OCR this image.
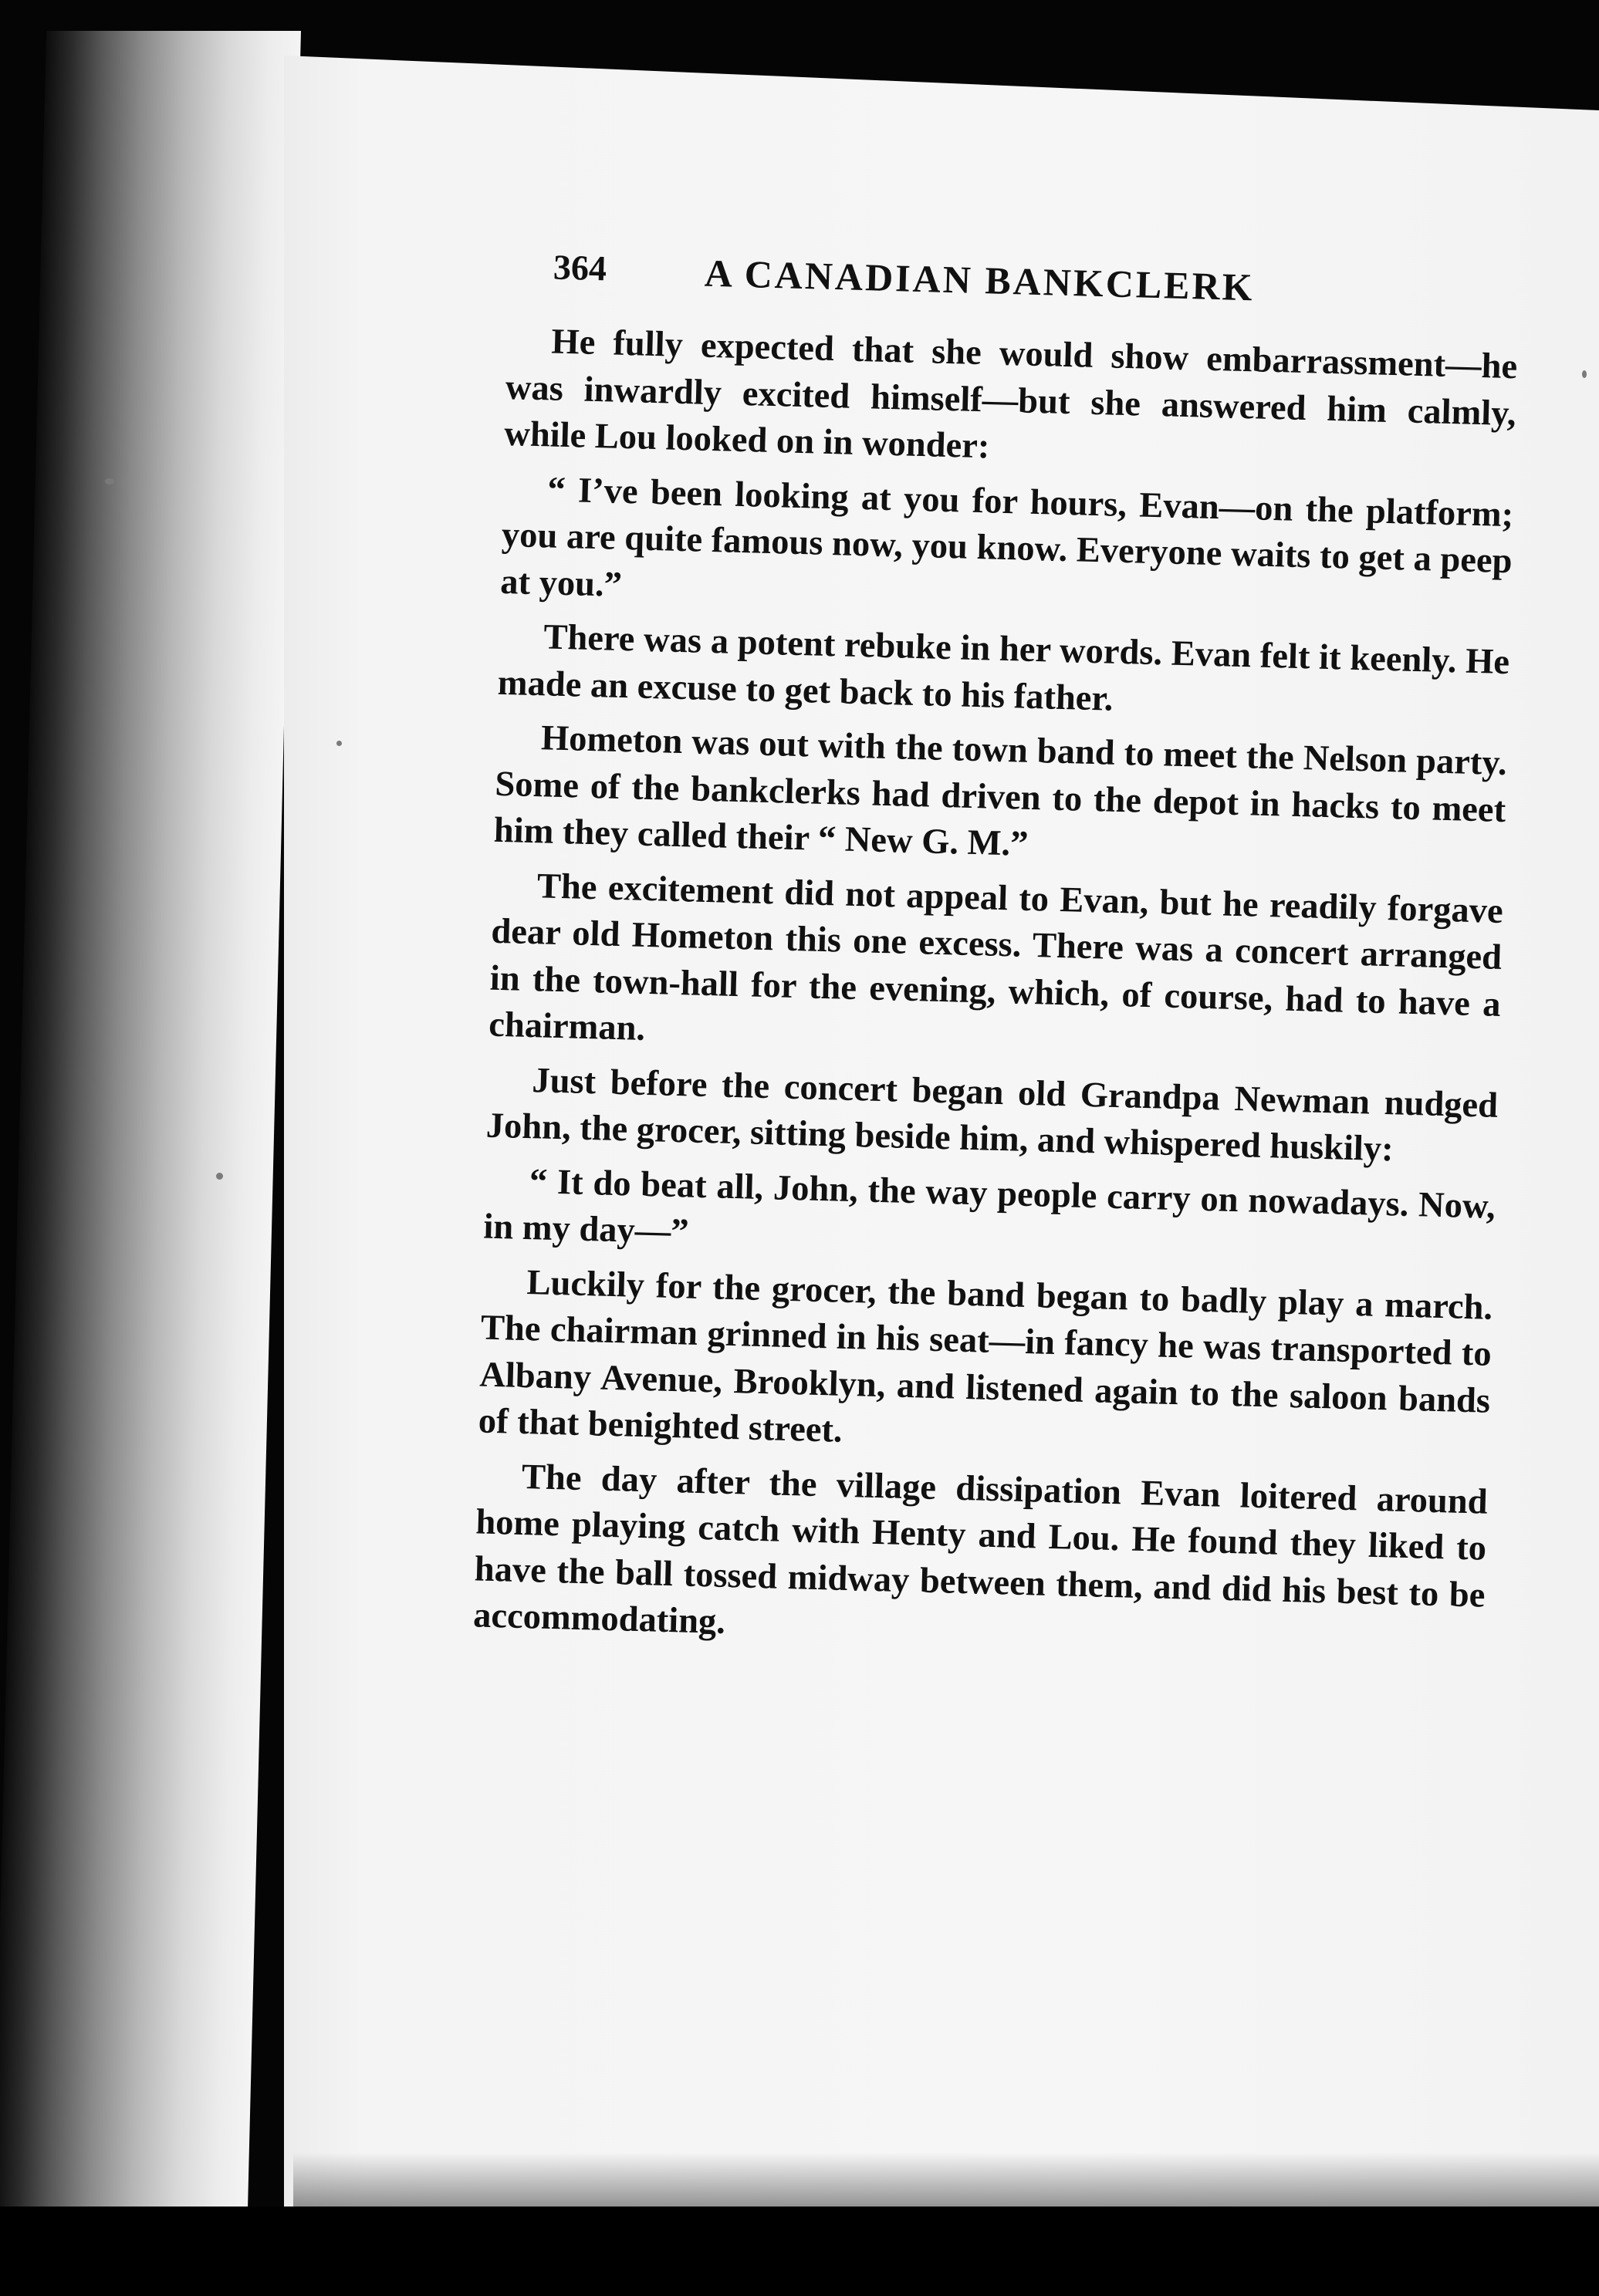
364	A CANADIAN BANKCLERK

He fully expected that she would show embarrassment—he was inwardly excited himself—but she answered him calmly, while Lou looked on in wonder:

“ I’ve been looking at you for hours, Evan—on the platform; you are quite famous now, you know. Everyone waits to get a peep at you.”

There was a potent rebuke in her words. Evan felt it keenly. He made an excuse to get back to his father.

Hometon was out with the town band to meet the Nelson party. Some of the bankclerks had driven to the depot in hacks to meet him they called their “ New G. M.”

The excitement did not appeal to Evan, but he readily forgave dear old Hometon this one excess. There was a concert arranged in the town-hall for the evening, which, of course, had to have a chairman.

Just before the concert began old Grandpa Newman nudged John, the grocer, sitting beside him, and whispered huskily:

“ It do beat all, John, the way people carry on nowadays. Now, in my day—”

Luckily for the grocer, the band began to badly play a march. The chairman grinned in his seat—in fancy he was transported to Albany Avenue, Brooklyn, and listened again to the saloon bands of that benighted street.

The day after the village dissipation Evan loitered around home playing catch with Henty and Lou. He found they liked to have the ball tossed midway between them, and did his best to be accommodating.
